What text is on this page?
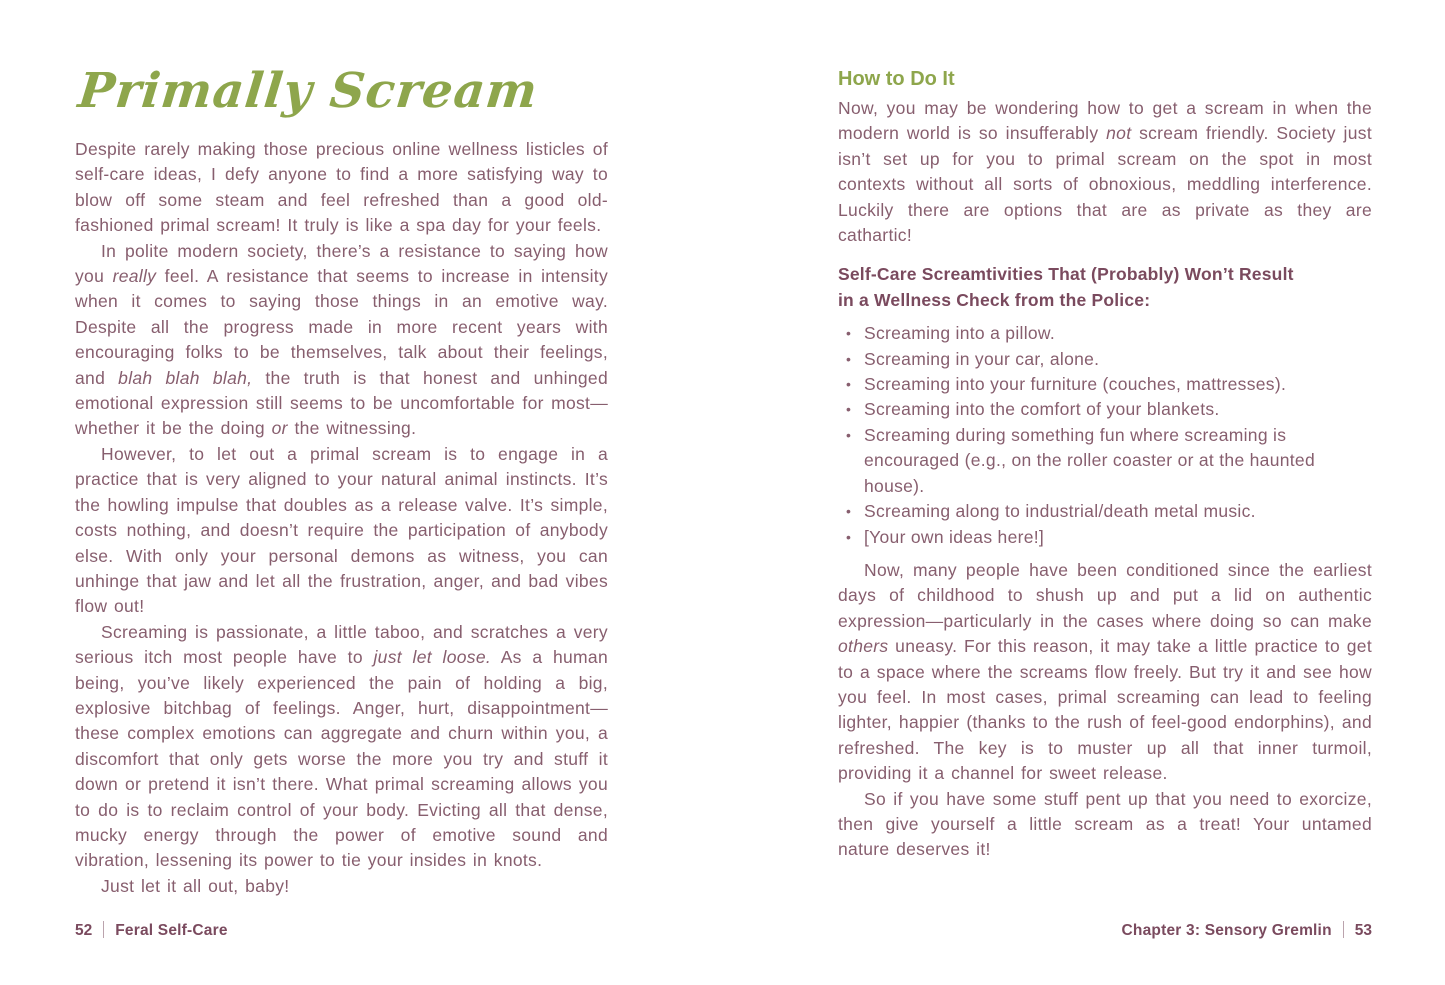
Primally Scream

Despite rarely making those precious online wellness listicles of self-care ideas, I defy anyone to find a more satisfying way to blow off some steam and feel refreshed than a good old-fashioned primal scream! It truly is like a spa day for your feels.

In polite modern society, there’s a resistance to saying how you really feel. A resistance that seems to increase in intensity when it comes to saying those things in an emotive way. Despite all the progress made in more recent years with encouraging folks to be themselves, talk about their feelings, and blah blah blah, the truth is that honest and unhinged emotional expression still seems to be uncomfortable for most—whether it be the doing or the witnessing.

However, to let out a primal scream is to engage in a practice that is very aligned to your natural animal instincts. It’s the howling impulse that doubles as a release valve. It’s simple, costs nothing, and doesn’t require the participation of anybody else. With only your personal demons as witness, you can unhinge that jaw and let all the frustration, anger, and bad vibes flow out!

Screaming is passionate, a little taboo, and scratches a very serious itch most people have to just let loose. As a human being, you’ve likely experienced the pain of holding a big, explosive bitchbag of feelings. Anger, hurt, disappointment—these complex emotions can aggregate and churn within you, a discomfort that only gets worse the more you try and stuff it down or pretend it isn’t there. What primal screaming allows you to do is to reclaim control of your body. Evicting all that dense, mucky energy through the power of emotive sound and vibration, lessening its power to tie your insides in knots.

Just let it all out, baby!

How to Do It

Now, you may be wondering how to get a scream in when the modern world is so insufferably not scream friendly. Society just isn’t set up for you to primal scream on the spot in most contexts without all sorts of obnoxious, meddling interference. Luckily there are options that are as private as they are cathartic!

Self-Care Screamtivities That (Probably) Won’t Result
in a Wellness Check from the Police:
• Screaming into a pillow.
• Screaming in your car, alone.
• Screaming into your furniture (couches, mattresses).
• Screaming into the comfort of your blankets.
• Screaming during something fun where screaming is encouraged (e.g., on the roller coaster or at the haunted house).
• Screaming along to industrial/death metal music.
• [Your own ideas here!]

Now, many people have been conditioned since the earliest days of childhood to shush up and put a lid on authentic expression—particularly in the cases where doing so can make others uneasy. For this reason, it may take a little practice to get to a space where the screams flow freely. But try it and see how you feel. In most cases, primal screaming can lead to feeling lighter, happier (thanks to the rush of feel-good endorphins), and refreshed. The key is to muster up all that inner turmoil, providing it a channel for sweet release.

So if you have some stuff pent up that you need to exorcize, then give yourself a little scream as a treat! Your untamed nature deserves it!

52 Feral Self-Care	Chapter 3: Sensory Gremlin 53
